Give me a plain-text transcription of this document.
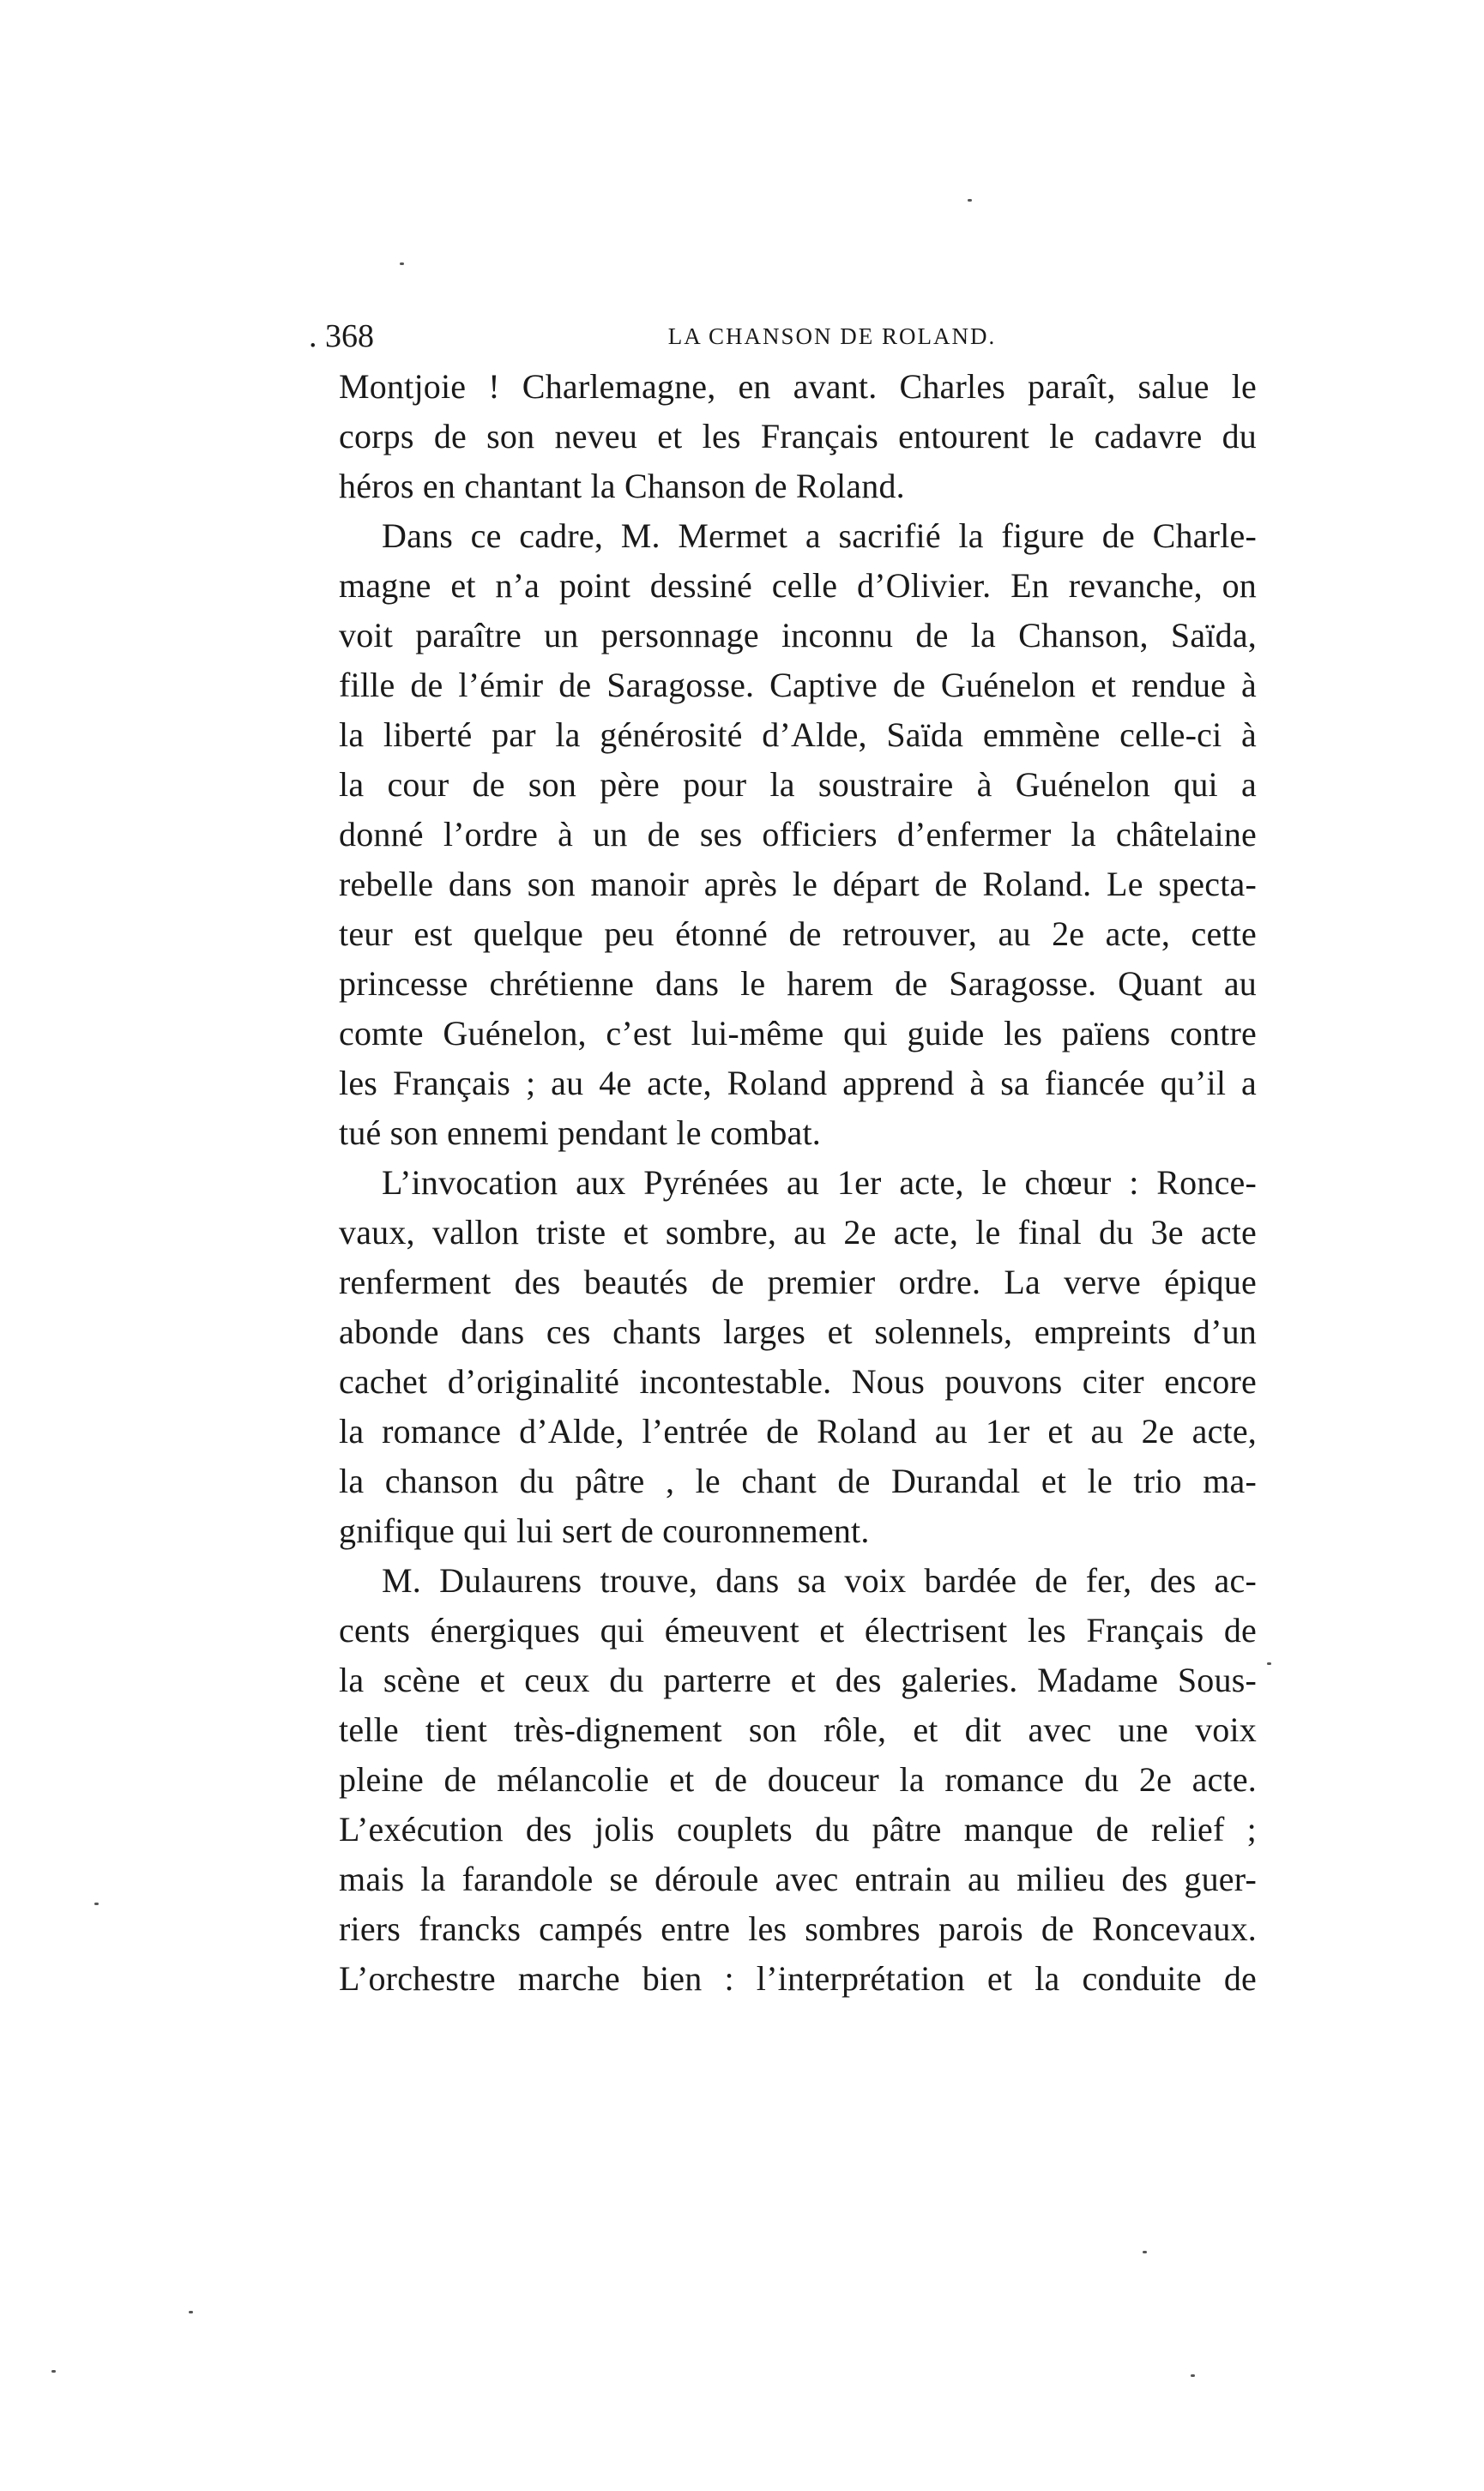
. 368	LA CHANSON DE ROLAND.
Montjoie ! Charlemagne, en avant. Charles paraît, salue le
corps de son neveu et les Français entourent le cadavre du
héros en chantant la Chanson de Roland.
Dans ce cadre, M. Mermet a sacrifié la figure de Charle-
magne et n’a point dessiné celle d’Olivier. En revanche, on
voit paraître un personnage inconnu de la Chanson, Saïda,
fille de l’émir de Saragosse. Captive de Guénelon et rendue à
la liberté par la générosité d’Alde, Saïda emmène celle-ci à
la cour de son père pour la soustraire à Guénelon qui a
donné l’ordre à un de ses officiers d’enfermer la châtelaine
rebelle dans son manoir après le départ de Roland. Le specta-
teur est quelque peu étonné de retrouver, au 2e acte, cette
princesse chrétienne dans le harem de Saragosse. Quant au
comte Guénelon, c’est lui-même qui guide les païens contre
les Français ; au 4e acte, Roland apprend à sa fiancée qu’il a
tué son ennemi pendant le combat.
L’invocation aux Pyrénées au 1er acte, le chœur : Ronce-
vaux, vallon triste et sombre, au 2e acte, le final du 3e acte
renferment des beautés de premier ordre. La verve épique
abonde dans ces chants larges et solennels, empreints d’un
cachet d’originalité incontestable. Nous pouvons citer encore
la romance d’Alde, l’entrée de Roland au 1er et au 2e acte,
la chanson du pâtre , le chant de Durandal et le trio ma-
gnifique qui lui sert de couronnement.
M. Dulaurens trouve, dans sa voix bardée de fer, des ac-
cents énergiques qui émeuvent et électrisent les Français de
la scène et ceux du parterre et des galeries. Madame Sous-
telle tient très-dignement son rôle, et dit avec une voix
pleine de mélancolie et de douceur la romance du 2e acte.
L’exécution des jolis couplets du pâtre manque de relief ;
mais la farandole se déroule avec entrain au milieu des guer-
riers francks campés entre les sombres parois de Roncevaux.
L’orchestre marche bien : l’interprétation et la conduite de
